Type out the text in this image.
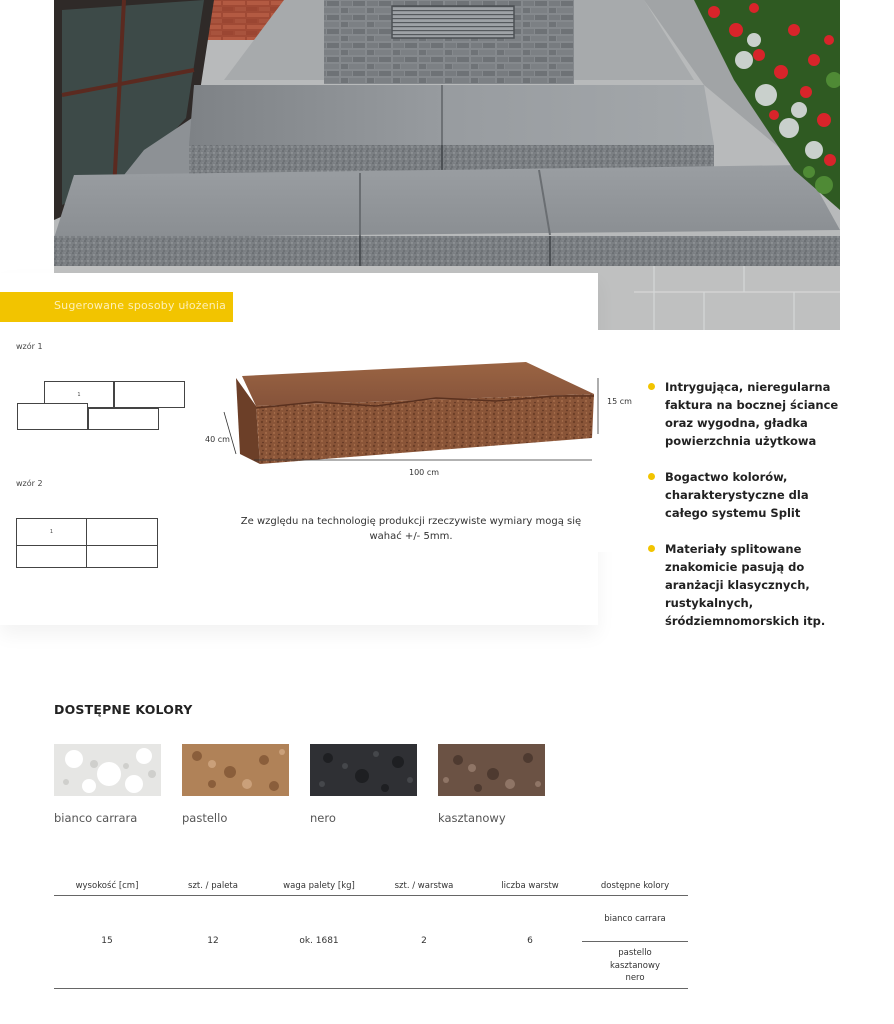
Sugerowane sposoby ułożenia
wzór 1
1
wzór 2
1
15 cm
40 cm
100 cm
Ze względu na technologię produkcji rzeczywiste wymiary mogą się wahać +/- 5mm.
Intrygująca, nieregularna faktura na bocznej ściance oraz wygodna, gładka powierzchnia użytkowa
Bogactwo kolorów, charakterystyczne dla całego systemu Split
Materiały splitowane znakomicie pasują do aranżacji klasycznych, rustykalnych, śródziemnomorskich itp.
DOSTĘPNE KOLORY
bianco carrara	pastello	nero	kasztanowy
wysokość [cm]	szt. / paleta	waga palety [kg]	szt. / warstwa	liczba warstw	dostępne kolory
15	12	ok. 1681	2	6
bianco carrara
pastello
kasztanowy
nero
